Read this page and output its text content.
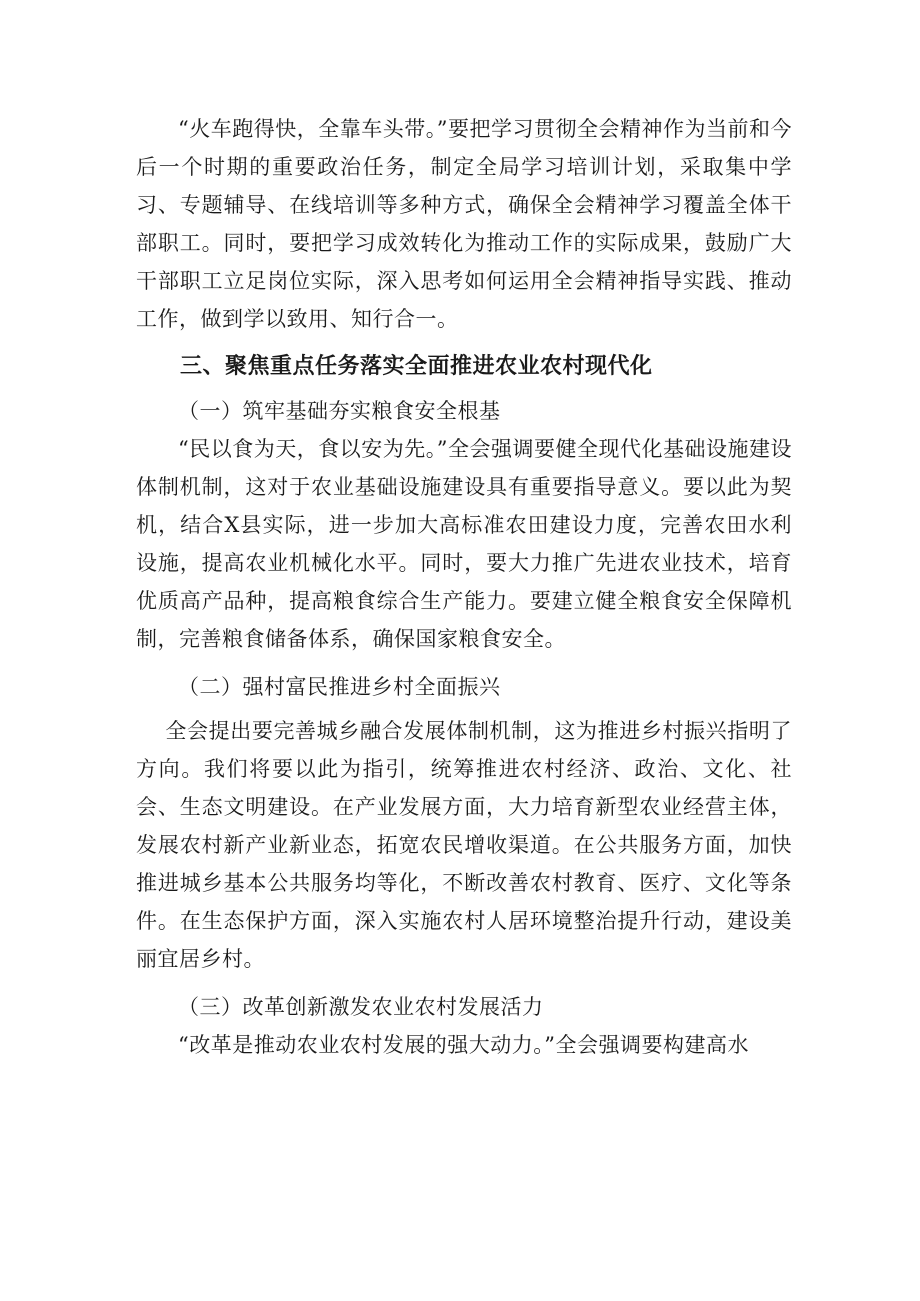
“火车跑得快，全靠车头带。”要把学习贯彻全会精神作为当前和今后一个时期的重要政治任务，制定全局学习培训计划，采取集中学习、专题辅导、在线培训等多种方式，确保全会精神学习覆盖全体干部职工。同时，要把学习成效转化为推动工作的实际成果，鼓励广大干部职工立足岗位实际，深入思考如何运用全会精神指导实践、推动工作，做到学以致用、知行合一。

三、聚焦重点任务落实全面推进农业农村现代化

（一）筑牢基础夯实粮食安全根基

“民以食为天，食以安为先。”全会强调要健全现代化基础设施建设体制机制，这对于农业基础设施建设具有重要指导意义。要以此为契机，结合X县实际，进一步加大高标准农田建设力度，完善农田水利设施，提高农业机械化水平。同时，要大力推广先进农业技术，培育优质高产品种，提高粮食综合生产能力。要建立健全粮食安全保障机制，完善粮食储备体系，确保国家粮食安全。

（二）强村富民推进乡村全面振兴

全会提出要完善城乡融合发展体制机制，这为推进乡村振兴指明了方向。我们将要以此为指引，统筹推进农村经济、政治、文化、社会、生态文明建设。在产业发展方面，大力培育新型农业经营主体，发展农村新产业新业态，拓宽农民增收渠道。在公共服务方面，加快推进城乡基本公共服务均等化，不断改善农村教育、医疗、文化等条件。在生态保护方面，深入实施农村人居环境整治提升行动，建设美丽宜居乡村。

（三）改革创新激发农业农村发展活力

“改革是推动农业农村发展的强大动力。”全会强调要构建高水
